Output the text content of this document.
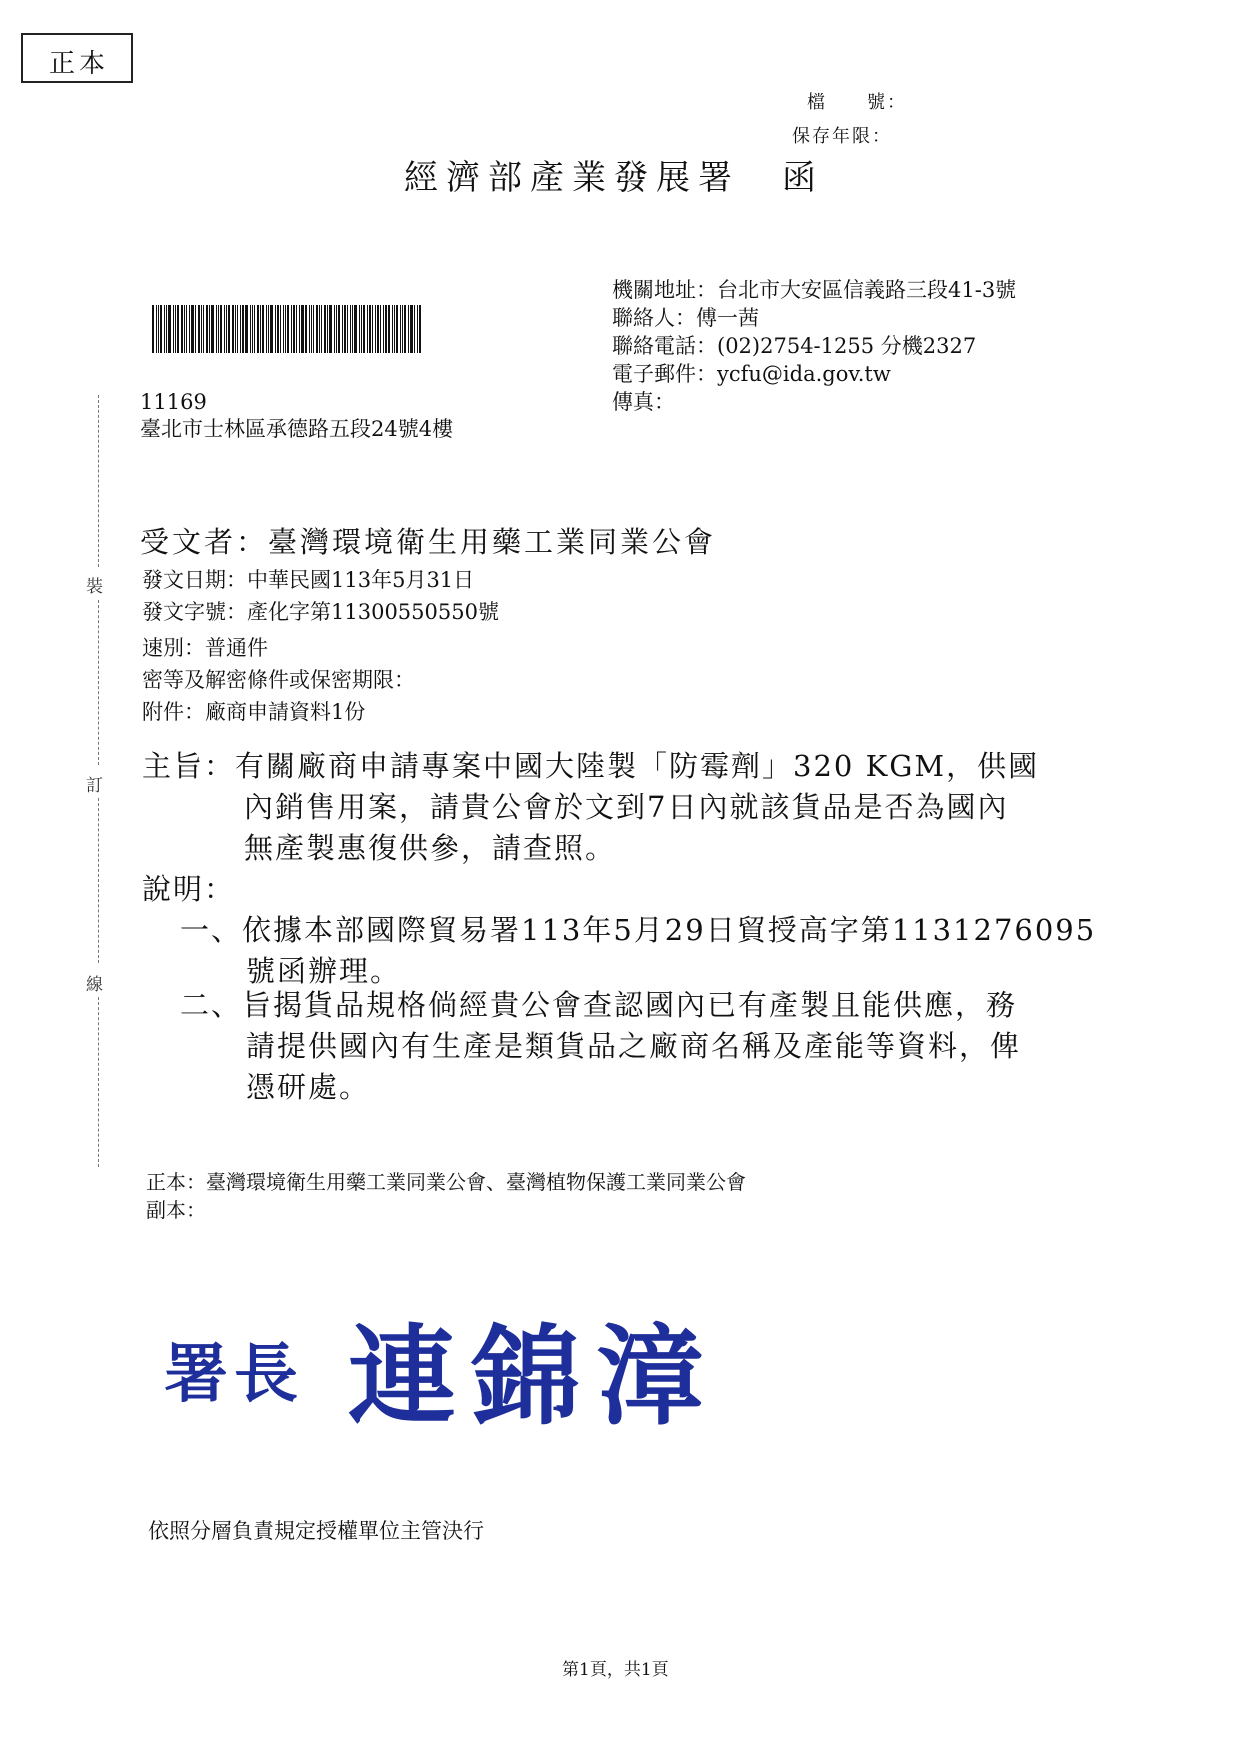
正本
檔　　號：
保存年限：
經濟部產業發展署　函
機關地址：台北市大安區信義路三段41-3號
聯絡人：傅一茜
聯絡電話：(02)2754-1255 分機2327
電子郵件：ycfu@ida.gov.tw
傳真：
11169
臺北市士林區承德路五段24號4樓
裝
訂
線
受文者：臺灣環境衛生用藥工業同業公會
發文日期：中華民國113年5月31日
發文字號：產化字第11300550550號
速別：普通件
密等及解密條件或保密期限：
附件：廠商申請資料1份
主旨：有關廠商申請專案中國大陸製「防霉劑」320 KGM，供國
內銷售用案，請貴公會於文到7日內就該貨品是否為國內
無產製惠復供參，請查照。
說明：
一、依據本部國際貿易署113年5月29日貿授高字第1131276095
號函辦理。
二、旨揭貨品規格倘經貴公會查認國內已有產製且能供應，務
請提供國內有生產是類貨品之廠商名稱及產能等資料，俾
憑研處。
正本：臺灣環境衛生用藥工業同業公會、臺灣植物保護工業同業公會
副本：
署長 連錦漳
依照分層負責規定授權單位主管決行
第1頁，共1頁
